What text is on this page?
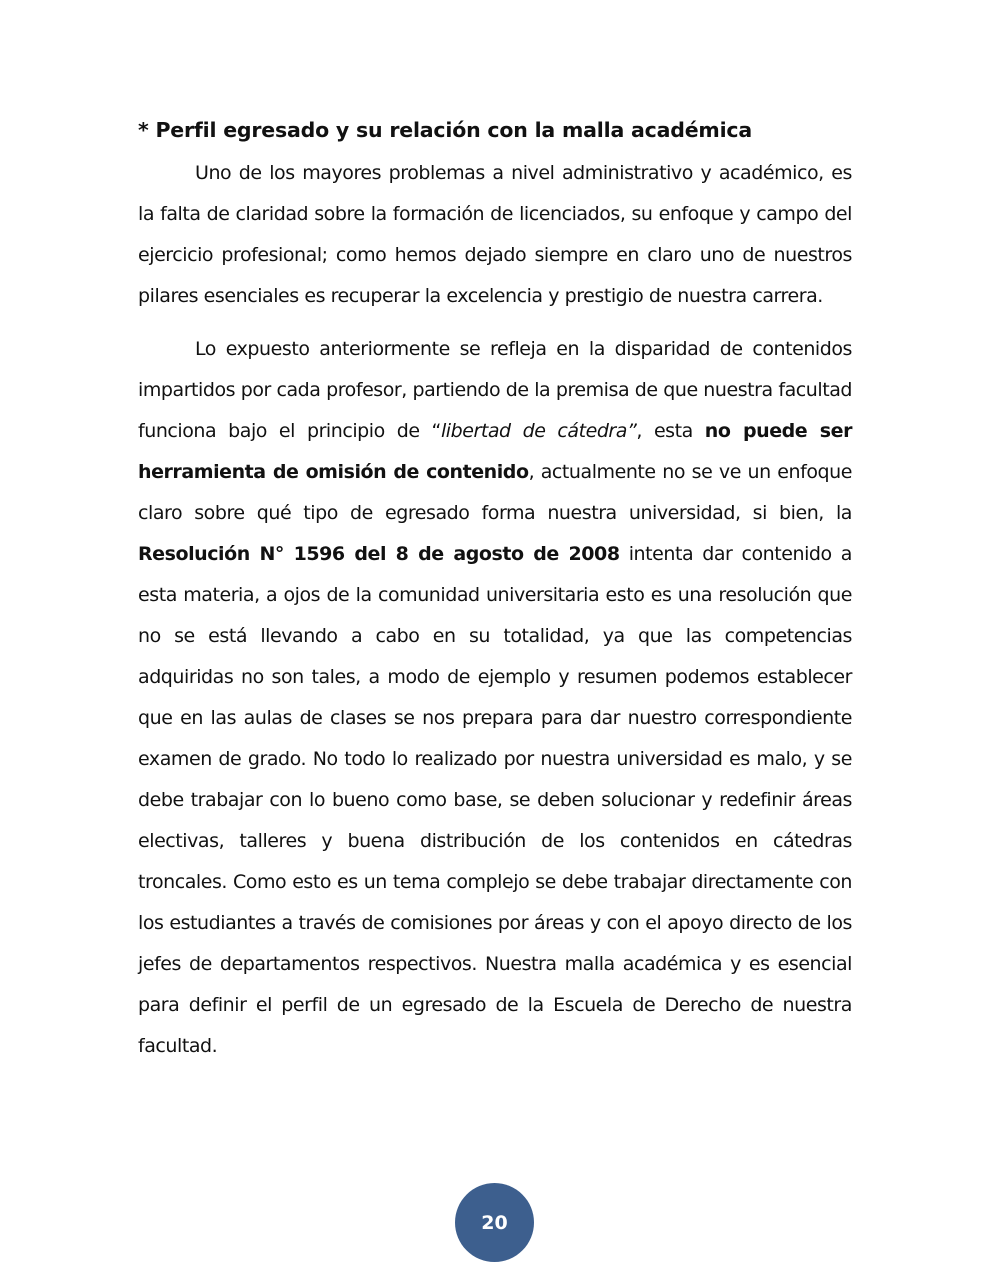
* Perfil egresado y su relación con la malla académica

Uno de los mayores problemas a nivel administrativo y académico, es la falta de claridad sobre la formación de licenciados, su enfoque y campo del ejercicio profesional; como hemos dejado siempre en claro uno de nuestros pilares esenciales es recuperar la excelencia y prestigio de nuestra carrera.

Lo expuesto anteriormente se refleja en la disparidad de contenidos impartidos por cada profesor, partiendo de la premisa de que nuestra facultad funciona bajo el principio de “libertad de cátedra”, esta no puede ser herramienta de omisión de contenido, actualmente no se ve un enfoque claro sobre qué tipo de egresado forma nuestra universidad, si bien, la Resolución N° 1596 del 8 de agosto de 2008 intenta dar contenido a esta materia, a ojos de la comunidad universitaria esto es una resolución que no se está llevando a cabo en su totalidad, ya que las competencias adquiridas no son tales, a modo de ejemplo y resumen podemos establecer que en las aulas de clases se nos prepara para dar nuestro correspondiente examen de grado. No todo lo realizado por nuestra universidad es malo, y se debe trabajar con lo bueno como base, se deben solucionar y redefinir áreas electivas, talleres y buena distribución de los contenidos en cátedras troncales. Como esto es un tema complejo se debe trabajar directamente con los estudiantes a través de comisiones por áreas y con el apoyo directo de los jefes de departamentos respectivos. Nuestra malla académica y es esencial para definir el perfil de un egresado de la Escuela de Derecho de nuestra facultad.

20
